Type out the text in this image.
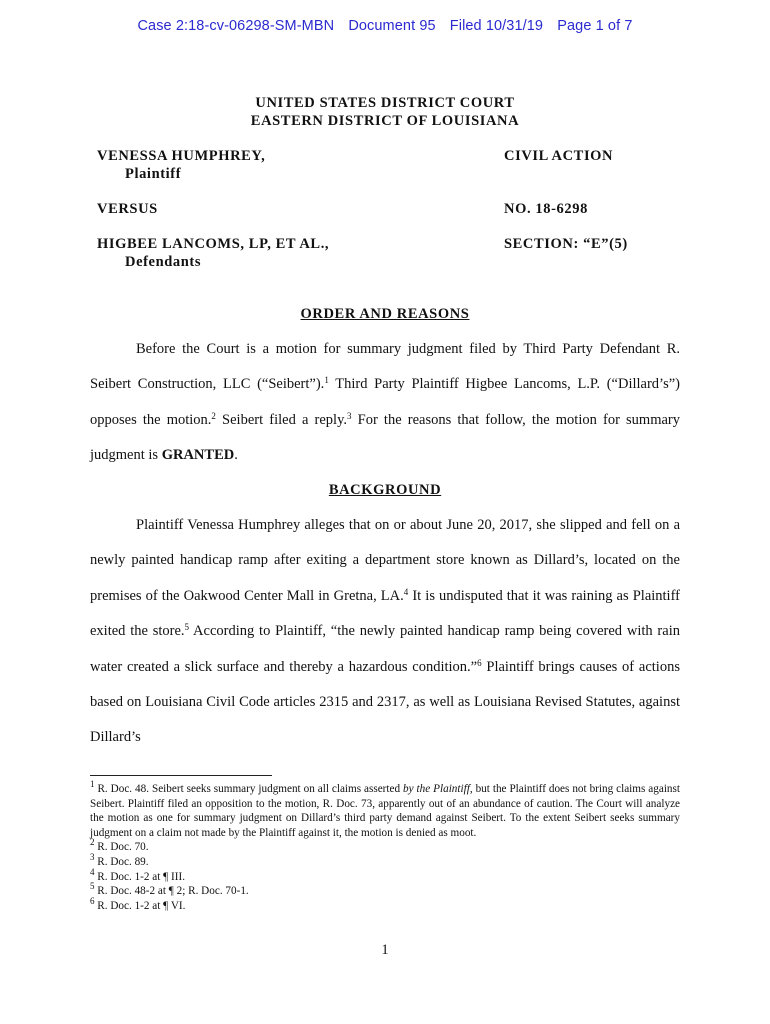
Case 2:18-cv-06298-SM-MBN Document 95 Filed 10/31/19 Page 1 of 7
UNITED STATES DISTRICT COURT
EASTERN DISTRICT OF LOUISIANA
VENESSA HUMPHREY,
Plaintiff
VERSUS
HIGBEE LANCOMS, LP, ET AL.,
Defendants
CIVIL ACTION
NO. 18-6298
SECTION: “E”(5)
ORDER AND REASONS

Before the Court is a motion for summary judgment filed by Third Party Defendant R. Seibert Construction, LLC (“Seibert”).$^1$ Third Party Plaintiff Higbee Lancoms, L.P. (“Dillard’s”) opposes the motion.$^2$ Seibert filed a reply.$^3$ For the reasons that follow, the motion for summary judgment is GRANTED.

BACKGROUND

Plaintiff Venessa Humphrey alleges that on or about June 20, 2017, she slipped and fell on a newly painted handicap ramp after exiting a department store known as Dillard’s, located on the premises of the Oakwood Center Mall in Gretna, LA.$^4$ It is undisputed that it was raining as Plaintiff exited the store.$^5$ According to Plaintiff, “the newly painted handicap ramp being covered with rain water created a slick surface and thereby a hazardous condition.”$^6$ Plaintiff brings causes of actions based on Louisiana Civil Code articles 2315 and 2317, as well as Louisiana Revised Statutes, against Dillard’s

$^1$ R. Doc. 48. Seibert seeks summary judgment on all claims asserted by the Plaintiff, but the Plaintiff does not bring claims against Seibert. Plaintiff filed an opposition to the motion, R. Doc. 73, apparently out of an abundance of caution. The Court will analyze the motion as one for summary judgment on Dillard’s third party demand against Seibert. To the extent Seibert seeks summary judgment on a claim not made by the Plaintiff against it, the motion is denied as moot.

$^2$ R. Doc. 70.

$^3$ R. Doc. 89.

$^4$ R. Doc. 1-2 at ¶ III.

$^5$ R. Doc. 48-2 at ¶ 2; R. Doc. 70-1.

$^6$ R. Doc. 1-2 at ¶ VI.

1
